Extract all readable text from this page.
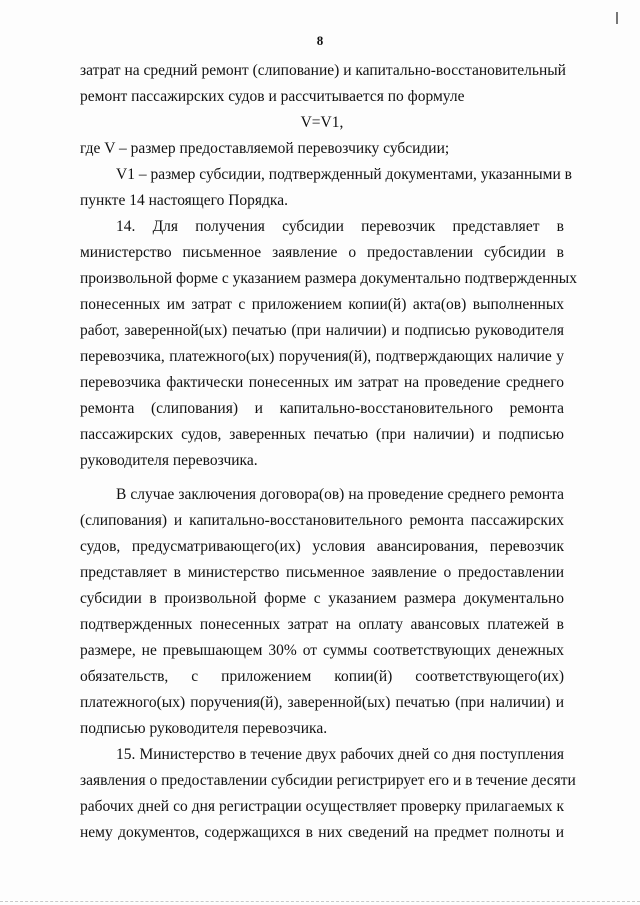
8
затрат на средний ремонт (слипование) и капитально-восстановительный
ремонт пассажирских судов и рассчитывается по формуле
V=V1,
где V – размер предоставляемой перевозчику субсидии;
V1 – размер субсидии, подтвержденный документами, указанными в
пункте 14 настоящего Порядка.
14. Для получения субсидии перевозчик представляет в
министерство письменное заявление о предоставлении субсидии в
произвольной форме с указанием размера документально подтвержденных
понесенных им затрат с приложением копии(й) акта(ов) выполненных
работ, заверенной(ых) печатью (при наличии) и подписью руководителя
перевозчика, платежного(ых) поручения(й), подтверждающих наличие у
перевозчика фактически понесенных им затрат на проведение среднего
ремонта (слипования) и капитально-восстановительного ремонта
пассажирских судов, заверенных печатью (при наличии) и подписью
руководителя перевозчика.
В случае заключения договора(ов) на проведение среднего ремонта
(слипования) и капитально-восстановительного ремонта пассажирских
судов, предусматривающего(их) условия авансирования, перевозчик
представляет в министерство письменное заявление о предоставлении
субсидии в произвольной форме с указанием размера документально
подтвержденных понесенных затрат на оплату авансовых платежей в
размере, не превышающем 30% от суммы соответствующих денежных
обязательств, с приложением копии(й) соответствующего(их)
платежного(ых) поручения(й), заверенной(ых) печатью (при наличии) и
подписью руководителя перевозчика.
15. Министерство в течение двух рабочих дней со дня поступления
заявления о предоставлении субсидии регистрирует его и в течение десяти
рабочих дней со дня регистрации осуществляет проверку прилагаемых к
нему документов, содержащихся в них сведений на предмет полноты и
